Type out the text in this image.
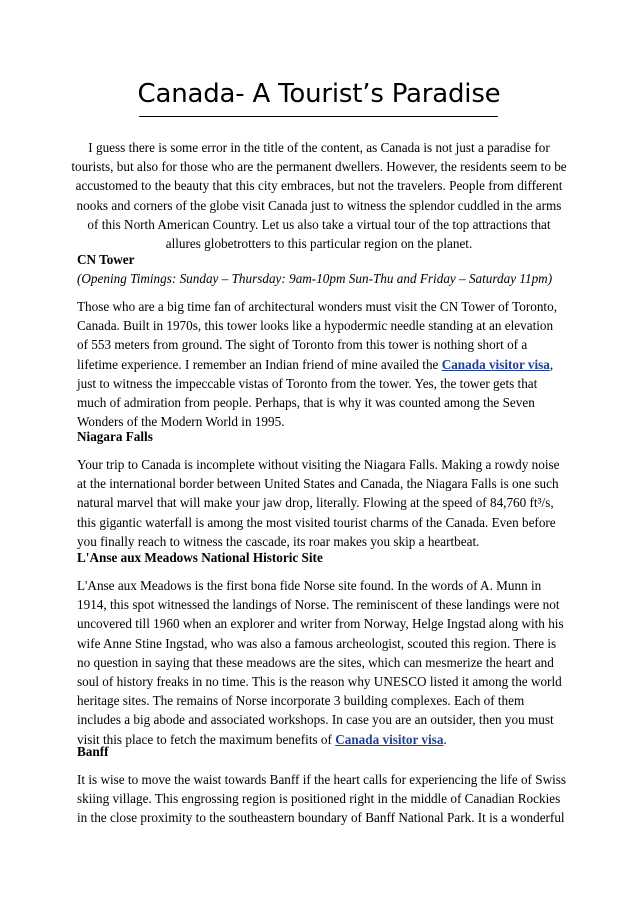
Canada- A Tourist’s Paradise

I guess there is some error in the title of the content, as Canada is not just a paradise for tourists, but also for those who are the permanent dwellers. However, the residents seem to be accustomed to the beauty that this city embraces, but not the travelers. People from different nooks and corners of the globe visit Canada just to witness the splendor cuddled in the arms of this North American Country. Let us also take a virtual tour of the top attractions that allures globetrotters to this particular region on the planet.

CN Tower

(Opening Timings: Sunday – Thursday: 9am-10pm Sun-Thu and Friday – Saturday 11pm)

Those who are a big time fan of architectural wonders must visit the CN Tower of Toronto, Canada. Built in 1970s, this tower looks like a hypodermic needle standing at an elevation of 553 meters from ground. The sight of Toronto from this tower is nothing short of a lifetime experience. I remember an Indian friend of mine availed the Canada visitor visa, just to witness the impeccable vistas of Toronto from the tower. Yes, the tower gets that much of admiration from people. Perhaps, that is why it was counted among the Seven Wonders of the Modern World in 1995.

Niagara Falls

Your trip to Canada is incomplete without visiting the Niagara Falls. Making a rowdy noise at the international border between United States and Canada, the Niagara Falls is one such natural marvel that will make your jaw drop, literally. Flowing at the speed of 84,760 ft³/s, this gigantic waterfall is among the most visited tourist charms of the Canada. Even before you finally reach to witness the cascade, its roar makes you skip a heartbeat.

L'Anse aux Meadows National Historic Site

L'Anse aux Meadows is the first bona fide Norse site found. In the words of A. Munn in 1914, this spot witnessed the landings of Norse. The reminiscent of these landings were not uncovered till 1960 when an explorer and writer from Norway, Helge Ingstad along with his wife Anne Stine Ingstad, who was also a famous archeologist, scouted this region. There is no question in saying that these meadows are the sites, which can mesmerize the heart and soul of history freaks in no time. This is the reason why UNESCO listed it among the world heritage sites. The remains of Norse incorporate 3 building complexes. Each of them includes a big abode and associated workshops. In case you are an outsider, then you must visit this place to fetch the maximum benefits of Canada visitor visa.

Banff

It is wise to move the waist towards Banff if the heart calls for experiencing the life of Swiss skiing village. This engrossing region is positioned right in the middle of Canadian Rockies in the close proximity to the southeastern boundary of Banff National Park. It is a wonderful
